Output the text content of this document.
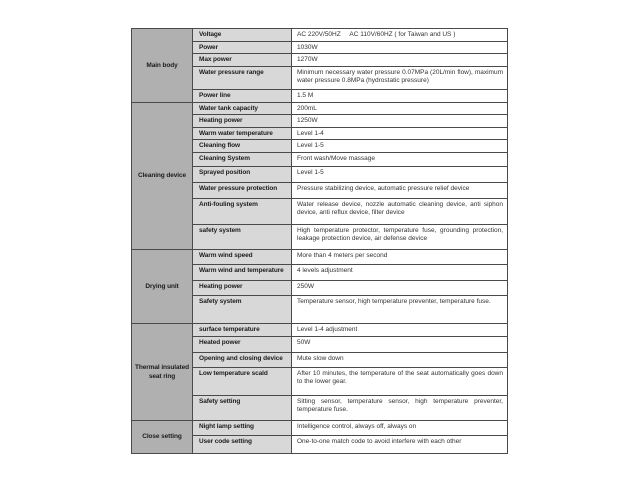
Main body
Voltage	AC 220V/50HZ     AC 110V/60HZ ( for Taiwan and US )
Power	1030W
Max power	1270W
Water pressure range	Minimum necessary water pressure 0.07MPa (20L/min flow), maximum water pressure 0.8MPa (hydrostatic pressure)
Power line	1.5 M
Cleaning device
Water tank capacity	200mL
Heating power	1250W
Warm water temperature	Level 1-4
Cleaning flow	Level 1-5
Cleaning System	Front wash/Move massage
Sprayed position	Level 1-5
Water pressure protection	Pressure stabilizing device, automatic pressure relief device
Anti-fouling system	Water release device, nozzle automatic cleaning device, anti siphon device, anti reflux device, filter device
safety system	High temperature protector, temperature fuse, grounding protection, leakage protection device, air defense device
Drying unit
Warm wind speed	More than 4 meters per second
Warm wind and temperature	4 levels adjustment
Heating power	250W
Safety system	Temperature sensor, high temperature preventer, temperature fuse.
Thermal insulated seat ring
surface temperature	Level 1-4 adjustment
Heated power	50W
Opening and closing device	Mute slow down
Low temperature scald	After 10 minutes, the temperature of the seat automatically goes down to the lower gear.
Safety setting	Sitting sensor, temperature sensor, high temperature preventer, temperature fuse.
Close setting
Night lamp setting	Intelligence control, always off, always on
User code setting	One-to-one match code to avoid interfere with each other
